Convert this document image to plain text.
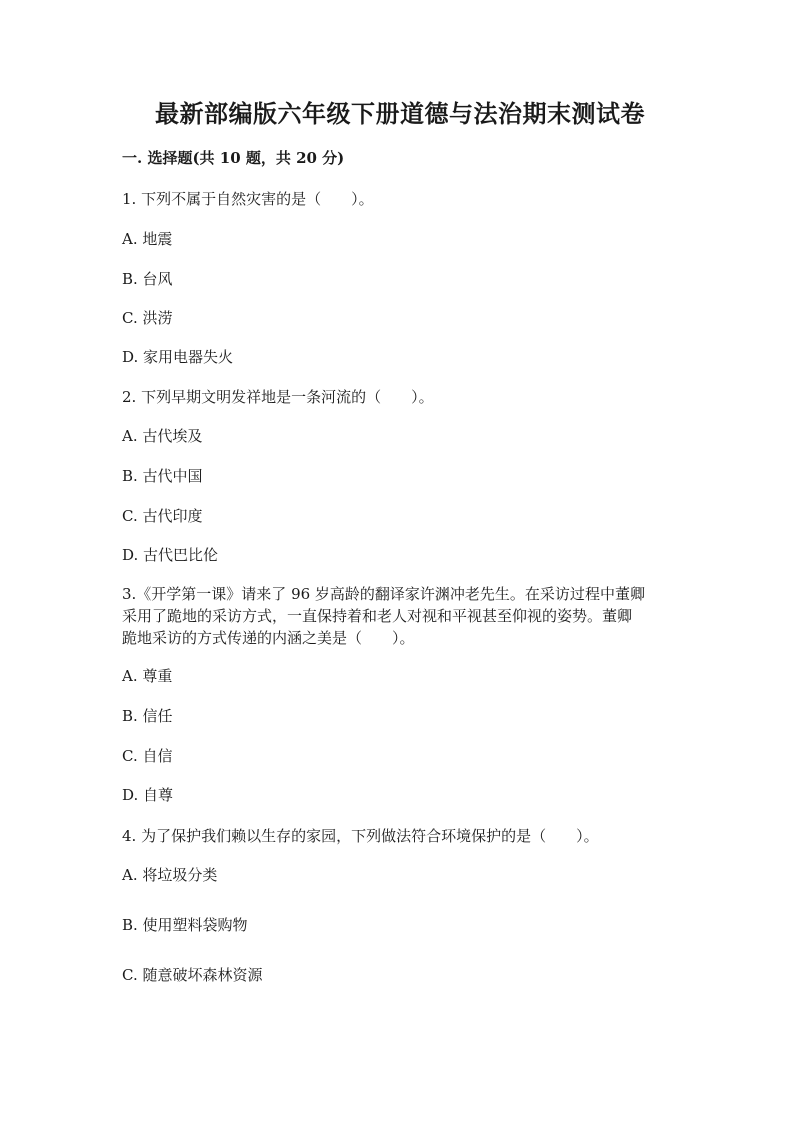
最新部编版六年级下册道德与法治期末测试卷
一. 选择题(共 10 题，共 20 分)
1. 下列不属于自然灾害的是（　　）。
A. 地震
B. 台风
C. 洪涝
D. 家用电器失火
2. 下列早期文明发祥地是一条河流的（　　）。
A. 古代埃及
B. 古代中国
C. 古代印度
D. 古代巴比伦
3.《开学第一课》请来了 96 岁高龄的翻译家许渊冲老先生。在采访过程中董卿
采用了跪地的采访方式，一直保持着和老人对视和平视甚至仰视的姿势。董卿
跪地采访的方式传递的内涵之美是（　　）。
A. 尊重
B. 信任
C. 自信
D. 自尊
4. 为了保护我们赖以生存的家园，下列做法符合环境保护的是（　　）。
A. 将垃圾分类
B. 使用塑料袋购物
C. 随意破坏森林资源
